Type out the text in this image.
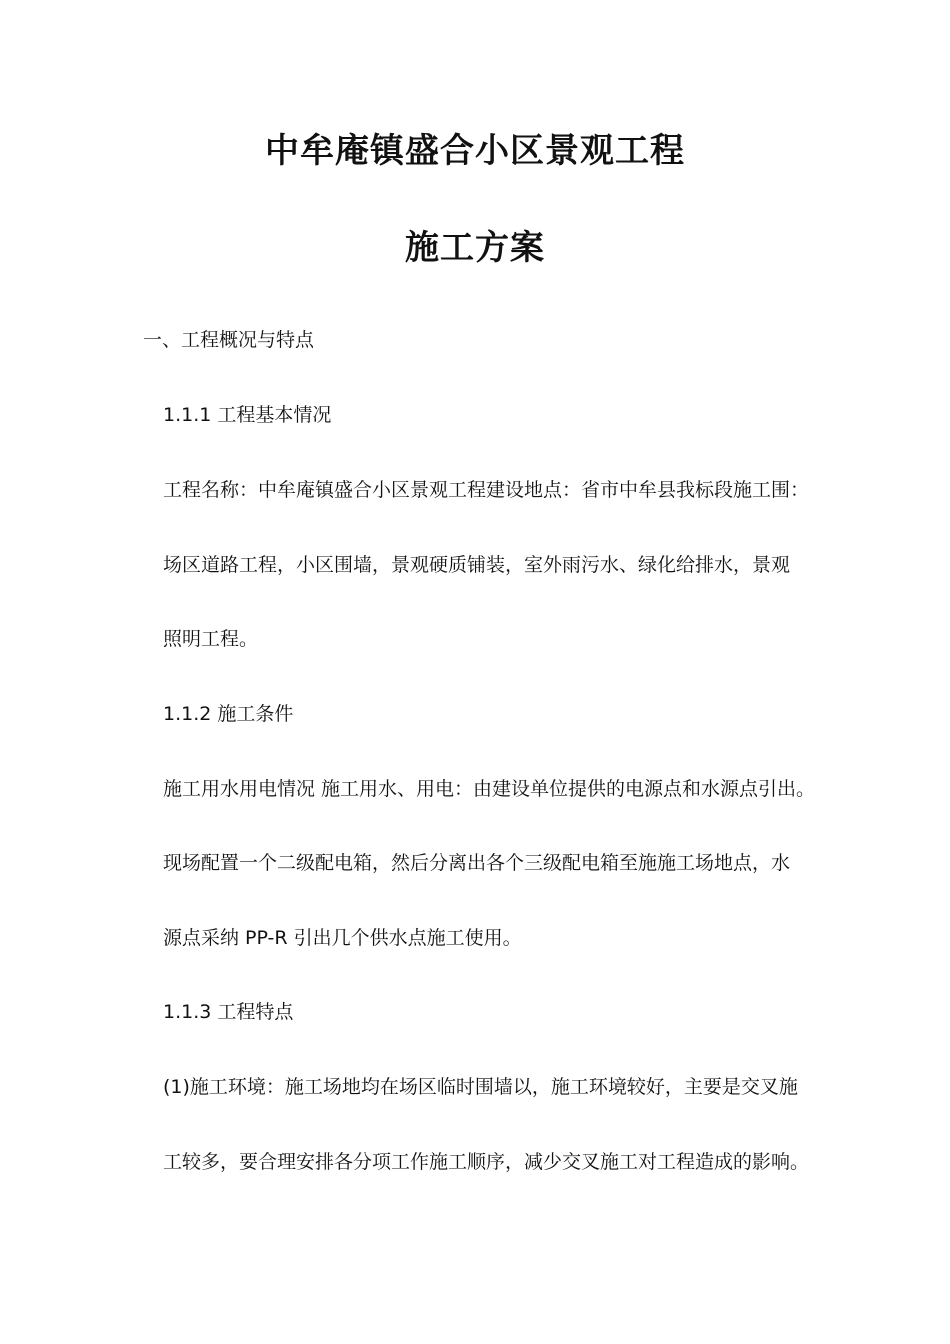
中牟庵镇盛合小区景观工程
施工方案
一、工程概况与特点
1.1.1 工程基本情况
工程名称：中牟庵镇盛合小区景观工程建设地点：省市中牟县我标段施工围：
场区道路工程，小区围墙，景观硬质铺装，室外雨污水、绿化给排水，景观
照明工程。
1.1.2 施工条件
施工用水用电情况 施工用水、用电：由建设单位提供的电源点和水源点引出。
现场配置一个二级配电箱，然后分离出各个三级配电箱至施施工场地点，水
源点采纳 PP-R 引出几个供水点施工使用。
1.1.3 工程特点
(1)施工环境：施工场地均在场区临时围墙以，施工环境较好，主要是交叉施
工较多，要合理安排各分项工作施工顺序，减少交叉施工对工程造成的影响。
